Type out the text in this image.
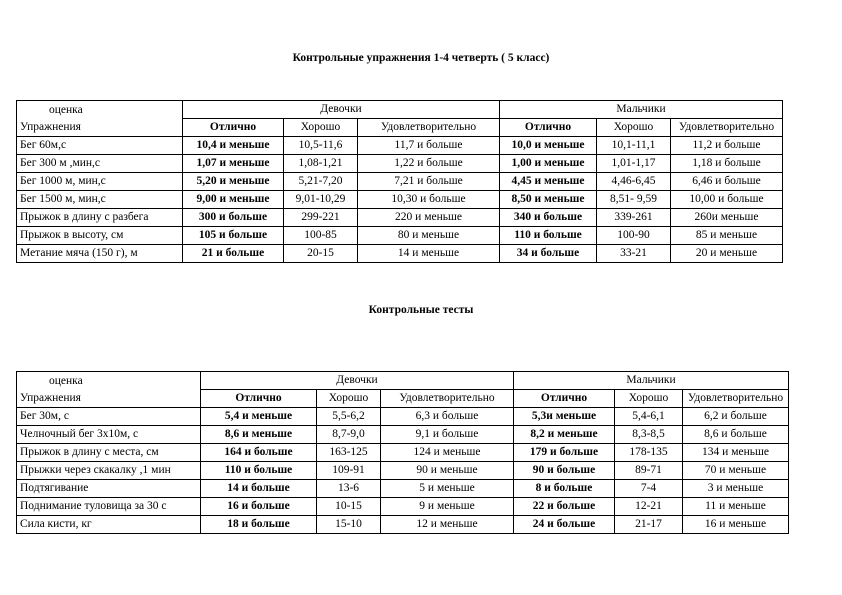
Контрольные упражнения 1-4 четверть ( 5 класс)
оценка
Упражнения	Девочки			Мальчики		
	Отлично	Хорошо	Удовлетворительно	Отлично	Хорошо	Удовлетворительно
Бег 60м,с	10,4 и меньше	10,5-11,6	11,7 и больше	10,0 и меньше	10,1-11,1	11,2 и больше
Бег 300 м ,мин,с	1,07 и меньше	1,08-1,21	1,22 и больше	1,00 и меньше	1,01-1,17	1,18 и больше
Бег 1000 м, мин,с	5,20 и меньше	5,21-7,20	7,21 и больше	4,45 и меньше	4,46-6,45	6,46 и больше
Бег 1500 м, мин,с	9,00 и меньше	9,01-10,29	10,30 и больше	8,50 и меньше	8,51- 9,59	10,00 и больше
Прыжок в длину с разбега	300 и больше	299-221	220 и меньше	340 и больше	339-261	260и меньше
Прыжок в высоту, см	105 и больше	100-85	80 и меньше	110 и больше	100-90	85 и меньше
Метание мяча (150 г), м	21 и больше	20-15	14 и меньше	34 и больше	33-21	20 и меньше
Контрольные тесты
оценка
Упражнения	Девочки			Мальчики		
	Отлично	Хорошо	Удовлетворительно	Отлично	Хорошо	Удовлетворительно
Бег 30м, с	5,4 и меньше	5,5-6,2	6,3 и больше	5,3и меньше	5,4-6,1	6,2 и больше
Челночный бег 3х10м, с	8,6 и меньше	8,7-9,0	9,1 и больше	8,2 и меньше	8,3-8,5	8,6 и больше
Прыжок в длину с места, см	164 и больше	163-125	124 и меньше	179 и больше	178-135	134 и меньше
Прыжки через скакалку ,1 мин	110 и больше	109-91	90 и меньше	90 и больше	89-71	70 и меньше
Подтягивание	14 и больше	13-6	5 и меньше	8 и больше	7-4	3 и меньше
Поднимание туловища за 30 с	16 и больше	10-15	9 и меньше	22 и больше	12-21	11 и меньше
Сила кисти, кг	18 и больше	15-10	12 и меньше	24 и больше	21-17	16 и меньше
